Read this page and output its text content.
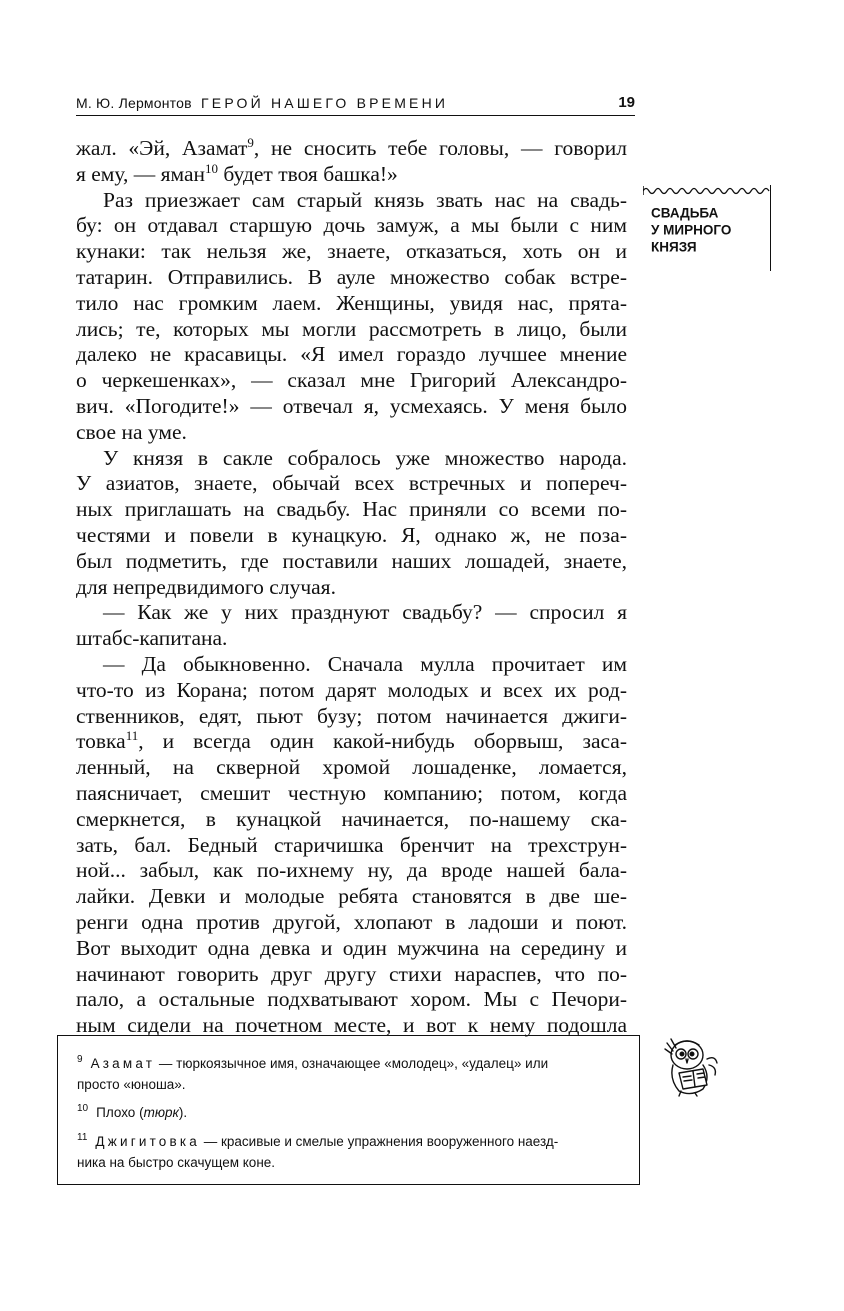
М. Ю. Лермонтов ГЕРОЙ НАШЕГО ВРЕМЕНИ	19
жал. «Эй, Азамат$^9$, не сносить тебе головы, — говорил
я ему, — яман$^{10}$ будет твоя башка!»
Раз приезжает сам старый князь звать нас на свадь-
бу: он отдавал старшую дочь замуж, а мы были с ним
кунаки: так нельзя же, знаете, отказаться, хоть он и
татарин. Отправились. В ауле множество собак встре-
тило нас громким лаем. Женщины, увидя нас, прята-
лись; те, которых мы могли рассмотреть в лицо, были
далеко не красавицы. «Я имел гораздо лучшее мнение
о черкешенках», — сказал мне Григорий Александро-
вич. «Погодите!» — отвечал я, усмехаясь. У меня было
свое на уме.
У князя в сакле собралось уже множество народа.
У азиатов, знаете, обычай всех встречных и попереч-
ных приглашать на свадьбу. Нас приняли со всеми по-
честями и повели в кунацкую. Я, однако ж, не поза-
был подметить, где поставили наших лошадей, знаете,
для непредвидимого случая.
— Как же у них празднуют свадьбу? — спросил я
штабс-капитана.
— Да обыкновенно. Сначала мулла прочитает им
что-то из Корана; потом дарят молодых и всех их род-
ственников, едят, пьют бузу; потом начинается джиги-
товка$^{11}$, и всегда один какой-нибудь оборвыш, заса-
ленный, на скверной хромой лошаденке, ломается,
паясничает, смешит честную компанию; потом, когда
смеркнется, в кунацкой начинается, по-нашему ска-
зать, бал. Бедный старичишка бренчит на трехструн-
ной... забыл, как по-ихнему ну, да вроде нашей бала-
лайки. Девки и молодые ребята становятся в две ше-
ренги одна против другой, хлопают в ладоши и поют.
Вот выходит одна девка и один мужчина на середину и
начинают говорить друг другу стихи нараспев, что по-
пало, а остальные подхватывают хором. Мы с Печори-
ным сидели на почетном месте, и вот к нему подошла
СВАДЬБА
У МИРНОГО
КНЯЗЯ
$^9$ Азамат — тюркоязычное имя, означающее «молодец», «удалец» или
просто «юноша».
$^{10}$ Плохо (тюрк).
$^{11}$ Джигитовка — красивые и смелые упражнения вооруженного наезд-
ника на быстро скачущем коне.
